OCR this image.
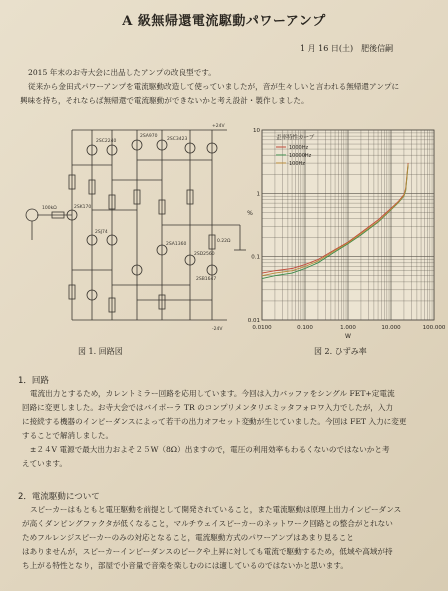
A 級無帰還電流駆動パワーアンプ
1 月 16 日(土)　肥後信嗣
2015 年末のお寺大会に出品したアンプの改良型です。
従来から金田式パワーアンプを電流駆動改造して使っていましたが，音が生々しいと言われる無帰還アンプに
興味を持ち，それならば無帰還で電流駆動ができないかと考え設計・製作しました。
2SC2240
2SA970
2SK170
2SJ74
2SC3423
2SA1360
2SD2560
2SB1647
0.22Ω
+24V
-24V
100kΩ
図 1. 回路図
0.0100	0.100	1.000	10.000	100.000
10
1
0.1
0.01
W
%
歪率特性カーブ
1000Hz
10000Hz
100Hz
図 2. ひずみ率
1．回路
電流出力とするため，カレントミラー回路を応用しています。今回は入力バッファをシングル FET+定電流
回路に変更しました。お寺大会ではバイポーラ TR のコンプリメンタリエミッタフォロワ入力でしたが，入力
に接続する機器のインピーダンスによって若干の出力オフセット変動が生じていました。今回は FET 入力に変更
することで解消しました。
±２４V 電源で最大出力およそ２５W（8Ω）出ますので，電圧の利用効率もわるくないのではないかと考
えています。
2．電流駆動について
スピーカーはもともと電圧駆動を前提として開発されていること，また電流駆動は原理上出力インピーダンス
が高くダンピングファクタが低くなること，マルチウェイスピーカーのネットワーク回路との整合がとれない
ためフルレンジスピーカーのみの対応となること，電流駆動方式のパワーアンプはあまり見ること
はありませんが，スピーカーインピーダンスのピークや上昇に対しても電流で駆動するため，低域や高域が持
ち上がる特性となり，部屋で小音量で音楽を楽しむのには適しているのではないかと思います。
